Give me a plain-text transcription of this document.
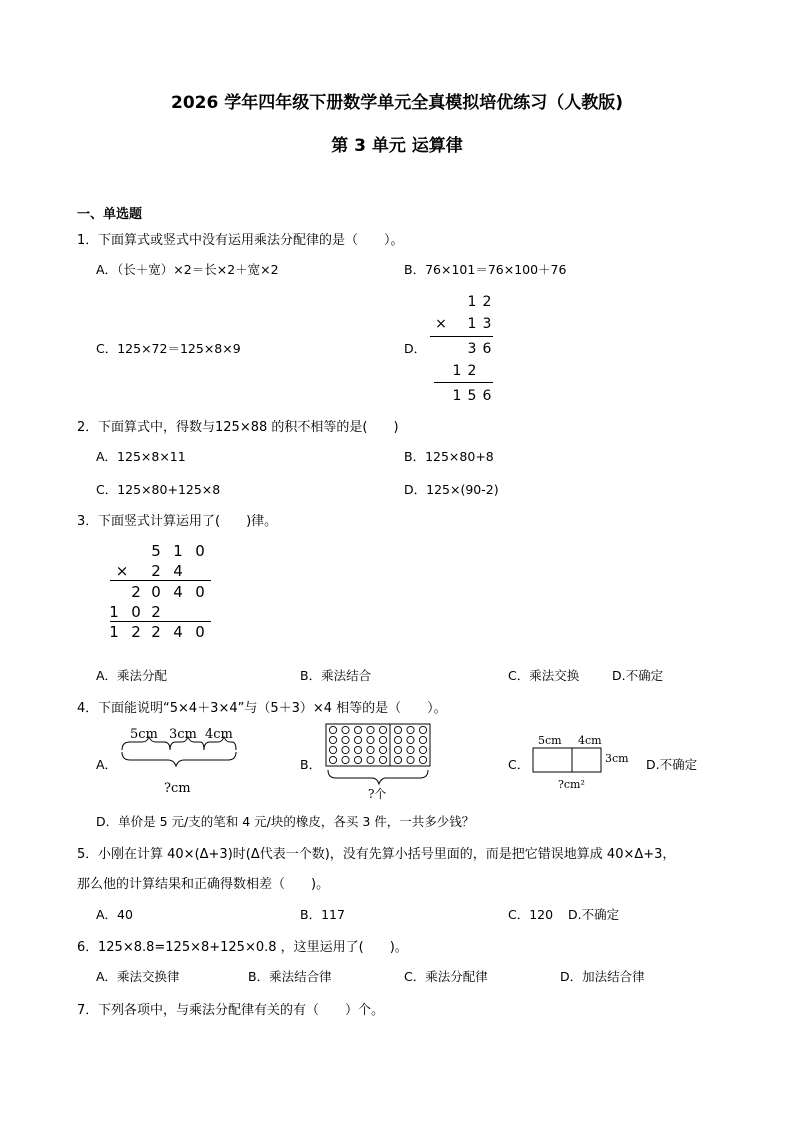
2026 学年四年级下册数学单元全真模拟培优练习（人教版)
第 3 单元 运算律
一、单选题
1． 下面算式或竖式中没有运用乘法分配律的是（　　）。
A．（长＋宽）×2＝长×2＋宽×2	B．76×101＝76×100＋76
C．125×72＝125×8×9	D．
1 2
× 1 3
3 6
1 2
1 5 6
2． 下面算式中，得数与125×88 的积不相等的是(　　)
A．125×8×11	B．125×80+8
C．125×80+125×8	D．125×(90-2)
3． 下面竖式计算运用了(　　)律。
5 1 0
×	2 4
2 0 4 0
1 0 2
1 2 2 4 0
A．乘法分配	B．乘法结合	C．乘法交换	D.不确定
4． 下面能说明“5×4＋3×4”与（5＋3）×4 相等的是（　　）。
A．
5cm 3cm 4cm
?cm
B．
?个
C．
5cm 4cm
3cm
?cm²
D.不确定
D．单价是 5 元/支的笔和 4 元/块的橡皮，各买 3 件，一共多少钱？
5． 小刚在计算 40×(Δ+3)时(Δ代表一个数)，没有先算小括号里面的，而是把它错误地算成 40×Δ+3，
那么他的计算结果和正确得数相差（　　)。
A．40	B．117	C．120 D.不确定
6． 125×8.8=125×8+125×0.8 ，这里运用了(　　)。
A．乘法交换律	B．乘法结合律	C．乘法分配律	D．加法结合律
7． 下列各项中，与乘法分配律有关的有（　　）个。
